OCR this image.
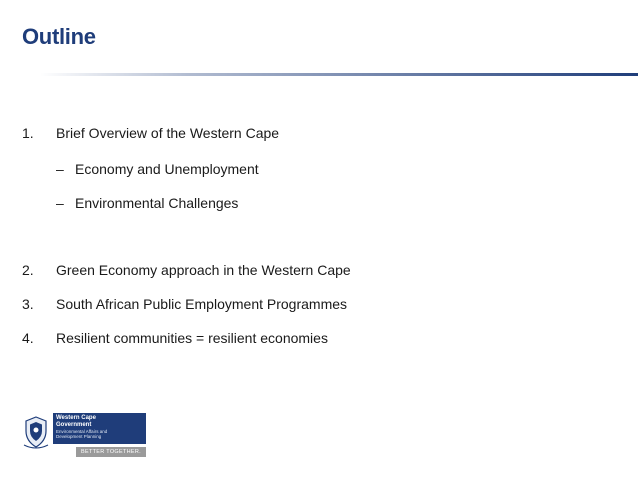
Outline
1. Brief Overview of the Western Cape
– Economy and Unemployment
– Environmental Challenges
2. Green Economy approach in the Western Cape
3. South African Public Employment Programmes
4. Resilient communities = resilient economies
Western Cape
Government
Environmental Affairs and
Development Planning
BETTER TOGETHER.
